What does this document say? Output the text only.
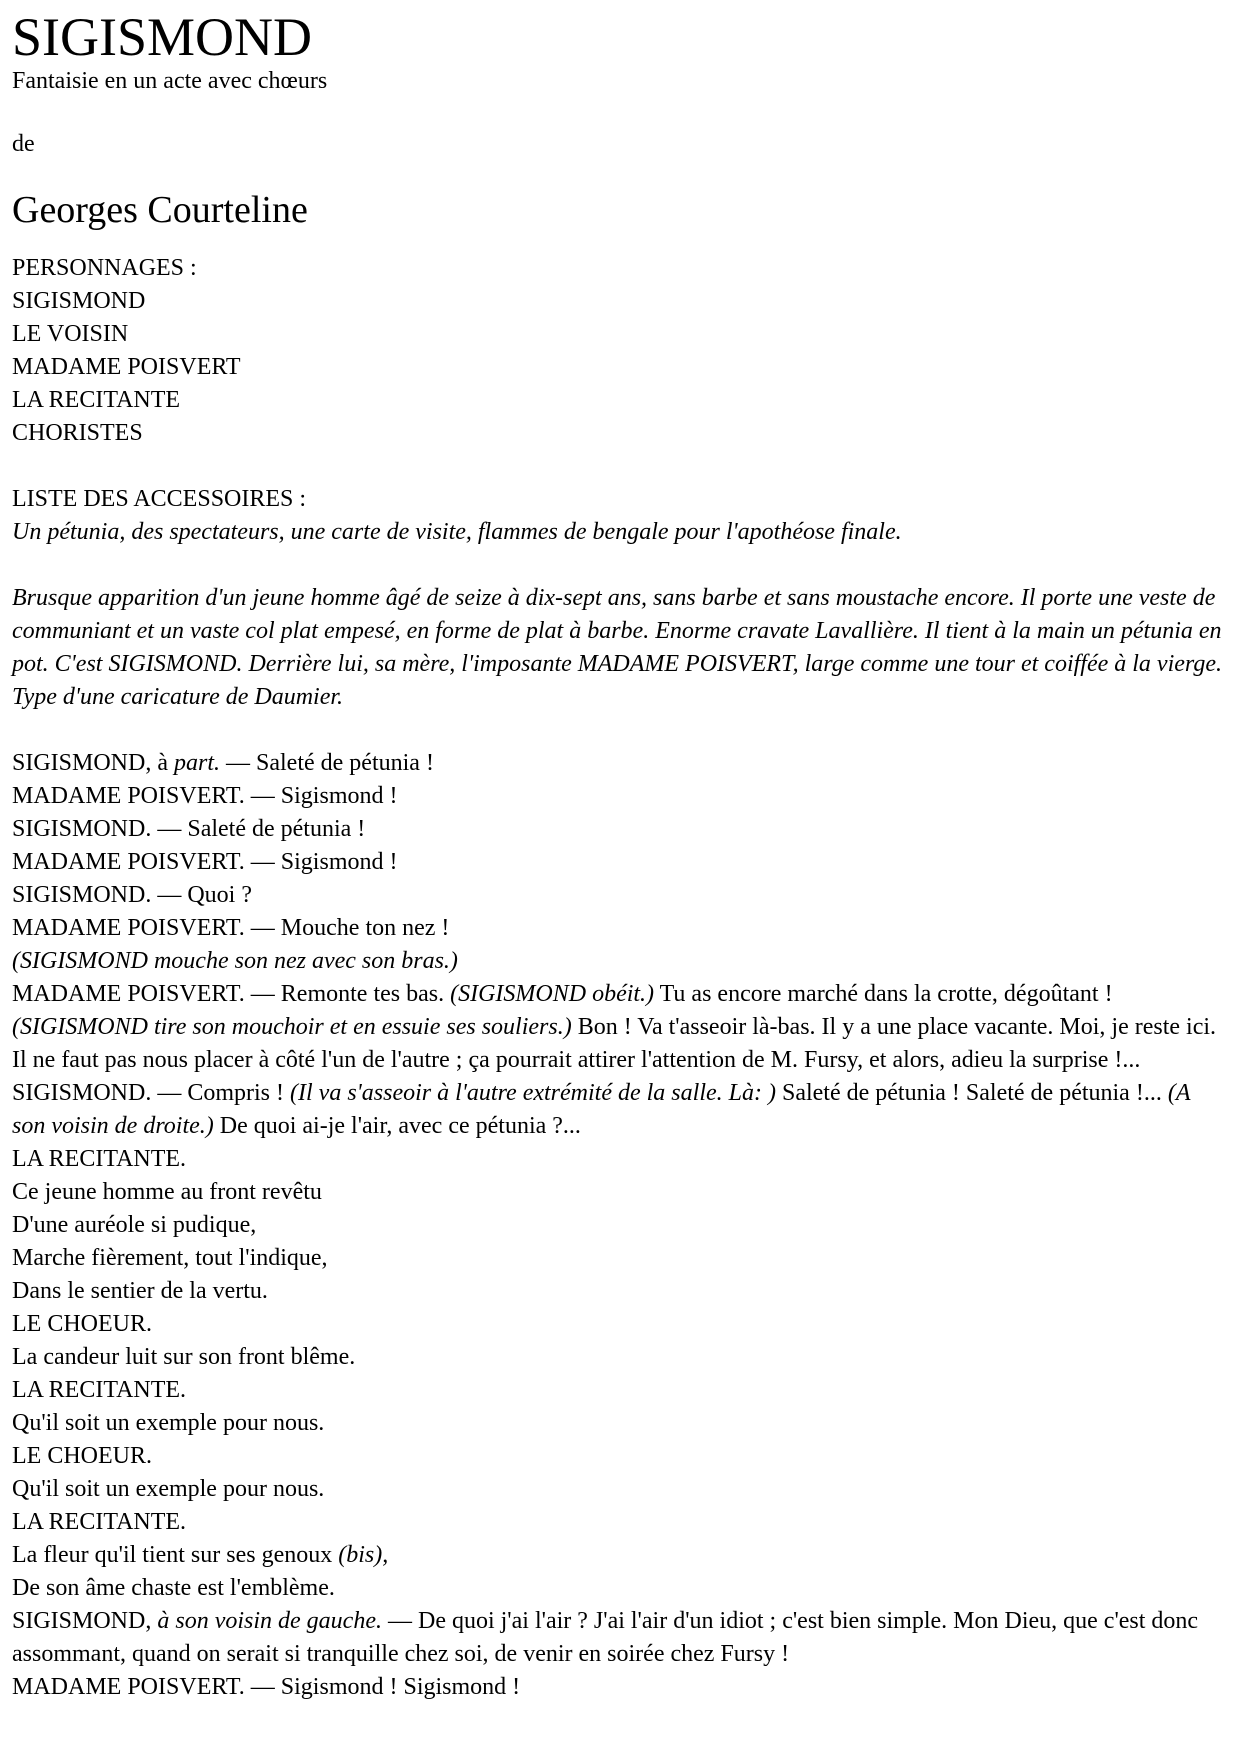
SIGISMOND

Fantaisie en un acte avec chœurs

de

Georges Courteline
PERSONNAGES :
SIGISMOND
LE VOISIN
MADAME POISVERT
LA RECITANTE
CHORISTES
LISTE DES ACCESSOIRES :
Un pétunia, des spectateurs, une carte de visite, flammes de bengale pour l'apothéose finale.
Brusque apparition d'un jeune homme âgé de seize à dix-sept ans, sans barbe et sans moustache encore. Il porte une veste de communiant et un vaste col plat empesé, en forme de plat à barbe. Enorme cravate Lavallière. Il tient à la main un pétunia en pot. C'est SIGISMOND. Derrière lui, sa mère, l'imposante MADAME POISVERT, large comme une tour et coiffée à la vierge. Type d'une caricature de Daumier.
SIGISMOND, à part. — Saleté de pétunia !
MADAME POISVERT. — Sigismond !
SIGISMOND. — Saleté de pétunia !
MADAME POISVERT. — Sigismond !
SIGISMOND. — Quoi ?
MADAME POISVERT. — Mouche ton nez !
(SIGISMOND mouche son nez avec son bras.)
MADAME POISVERT. — Remonte tes bas. (SIGISMOND obéit.) Tu as encore marché dans la crotte, dégoûtant ! (SIGISMOND tire son mouchoir et en essuie ses souliers.) Bon ! Va t'asseoir là-bas. Il y a une place vacante. Moi, je reste ici. Il ne faut pas nous placer à côté l'un de l'autre ; ça pourrait attirer l'attention de M. Fursy, et alors, adieu la surprise !...
SIGISMOND. — Compris ! (Il va s'asseoir à l'autre extrémité de la salle. Là: ) Saleté de pétunia ! Saleté de pétunia !... (A son voisin de droite.) De quoi ai-je l'air, avec ce pétunia ?...
LA RECITANTE.
Ce jeune homme au front revêtu
D'une auréole si pudique,
Marche fièrement, tout l'indique,
Dans le sentier de la vertu.
LE CHOEUR.
La candeur luit sur son front blême.
LA RECITANTE.
Qu'il soit un exemple pour nous.
LE CHOEUR.
Qu'il soit un exemple pour nous.
LA RECITANTE.
La fleur qu'il tient sur ses genoux (bis),
De son âme chaste est l'emblème.
SIGISMOND, à son voisin de gauche. — De quoi j'ai l'air ? J'ai l'air d'un idiot ; c'est bien simple. Mon Dieu, que c'est donc assommant, quand on serait si tranquille chez soi, de venir en soirée chez Fursy !
MADAME POISVERT. — Sigismond ! Sigismond !
